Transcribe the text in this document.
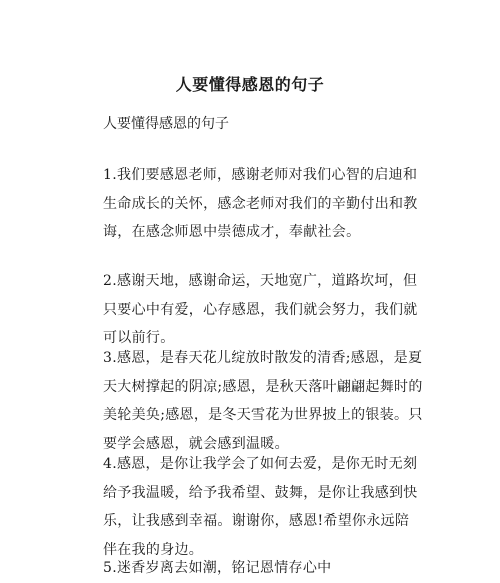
人要懂得感恩的句子
人要懂得感恩的句子

1.我们要感恩老师，感谢老师对我们心智的启迪和生命成长的关怀，感念老师对我们的辛勤付出和教诲，在感念师恩中崇德成才，奉献社会。

2.感谢天地，感谢命运，天地宽广，道路坎坷，但只要心中有爱，心存感恩，我们就会努力，我们就可以前行。

3.感恩，是春天花儿绽放时散发的清香;感恩，是夏天大树撑起的阴凉;感恩，是秋天落叶翩翩起舞时的美轮美奂;感恩，是冬天雪花为世界披上的银装。只要学会感恩，就会感到温暖。

4.感恩，是你让我学会了如何去爱，是你无时无刻给予我温暖，给予我希望、鼓舞，是你让我感到快乐，让我感到幸福。谢谢你，感恩!希望你永远陪伴在我的身边。

5.迷香岁离去如潮，铭记恩情存心中
